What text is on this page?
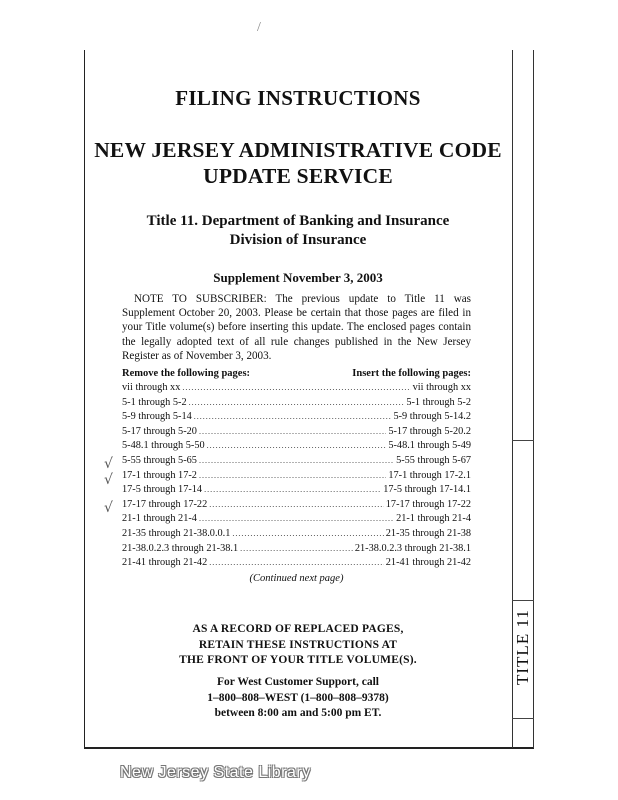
/
TITLE 11
FILING INSTRUCTIONS
NEW JERSEY ADMINISTRATIVE CODE
UPDATE SERVICE
Title 11. Department of Banking and Insurance
Division of Insurance
Supplement November 3, 2003

NOTE TO SUBSCRIBER: The previous update to Title 11 was Supplement October 20, 2003. Please be certain that those pages are filed in your Title volume(s) before inserting this update. The enclosed pages contain the legally adopted text of all rule changes published in the New Jersey Register as of November 3, 2003.

√
√
√
Remove the following pages:	Insert the following pages:
vii through xx .....	vii through xx
5-1 through 5-2 .....	5-1 through 5-2
5-9 through 5-14 .....	5-9 through 5-14.2
5-17 through 5-20 .....	5-17 through 5-20.2
5-48.1 through 5-50 .....	5-48.1 through 5-49
5-55 through 5-65 .....	5-55 through 5-67
17-1 through 17-2 .....	17-1 through 17-2.1
17-5 through 17-14 .....	17-5 through 17-14.1
17-17 through 17-22 .....	17-17 through 17-22
21-1 through 21-4 .....	21-1 through 21-4
21-35 through 21-38.0.0.1 .....	21-35 through 21-38
21-38.0.2.3 through 21-38.1 .....	21-38.0.2.3 through 21-38.1
21-41 through 21-42 .....	21-41 through 21-42
(Continued next page)
AS A RECORD OF REPLACED PAGES,
RETAIN THESE INSTRUCTIONS AT
THE FRONT OF YOUR TITLE VOLUME(S).
For West Customer Support, call
1–800–808–WEST (1–800–808–9378)
between 8:00 am and 5:00 pm ET.
New Jersey State Library
